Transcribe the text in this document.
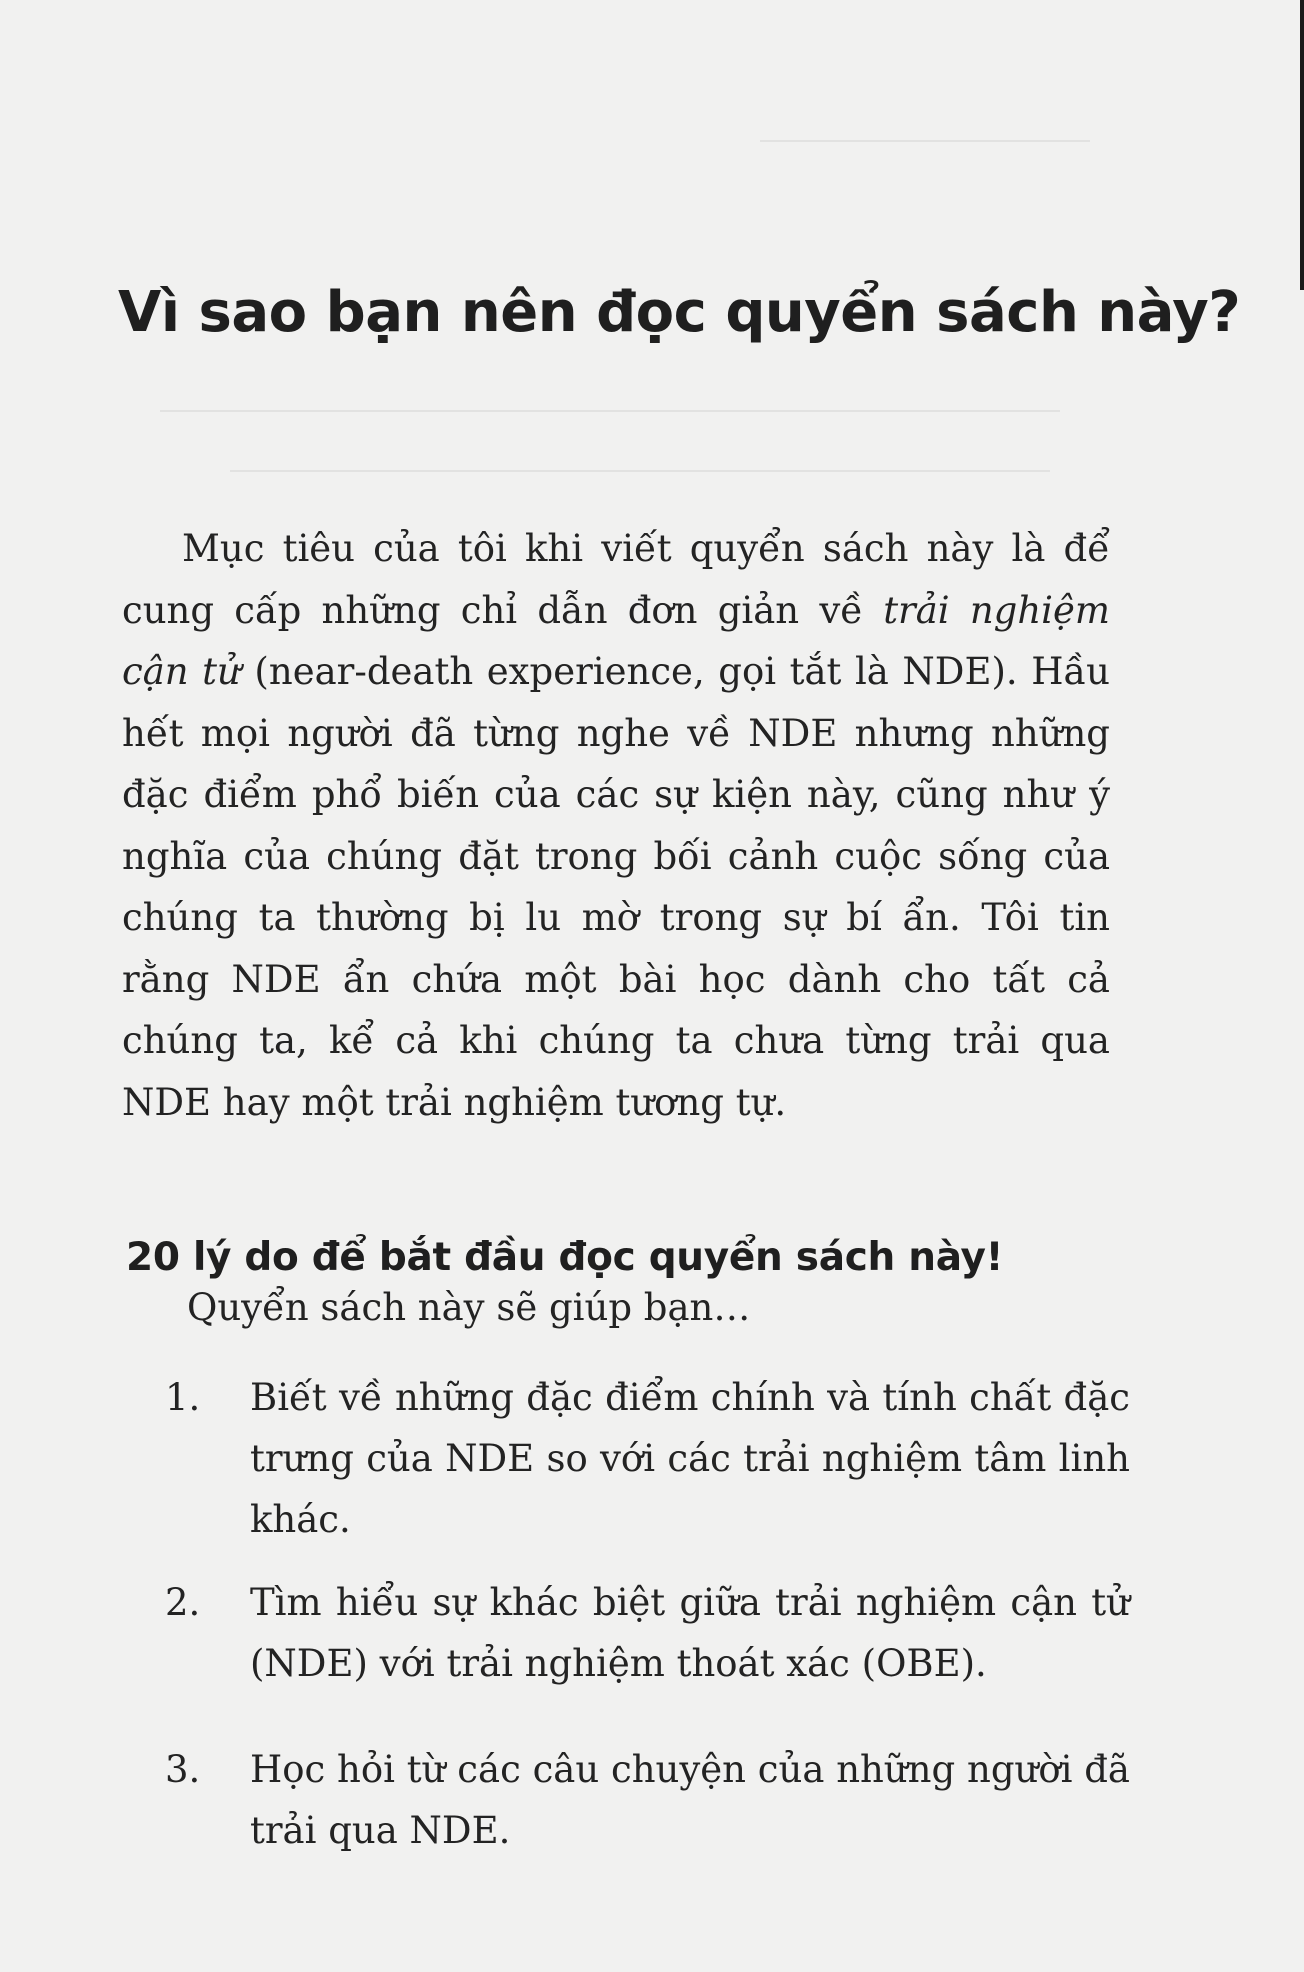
Vì sao bạn nên đọc quyển sách này?

Mục tiêu của tôi khi viết quyển sách này là để cung cấp những chỉ dẫn đơn giản về trải nghiệm cận tử (near-death experience, gọi tắt là NDE). Hầu hết mọi người đã từng nghe về NDE nhưng những đặc điểm phổ biến của các sự kiện này, cũng như ý nghĩa của chúng đặt trong bối cảnh cuộc sống của chúng ta thường bị lu mờ trong sự bí ẩn. Tôi tin rằng NDE ẩn chứa một bài học dành cho tất cả chúng ta, kể cả khi chúng ta chưa từng trải qua NDE hay một trải nghiệm tương tự.

20 lý do để bắt đầu đọc quyển sách này!
Quyển sách này sẽ giúp bạn…
1.	Biết về những đặc điểm chính và tính chất đặc trưng của NDE so với các trải nghiệm tâm linh khác.
2.	Tìm hiểu sự khác biệt giữa trải nghiệm cận tử (NDE) với trải nghiệm thoát xác (OBE).
3.	Học hỏi từ các câu chuyện của những người đã trải qua NDE.
